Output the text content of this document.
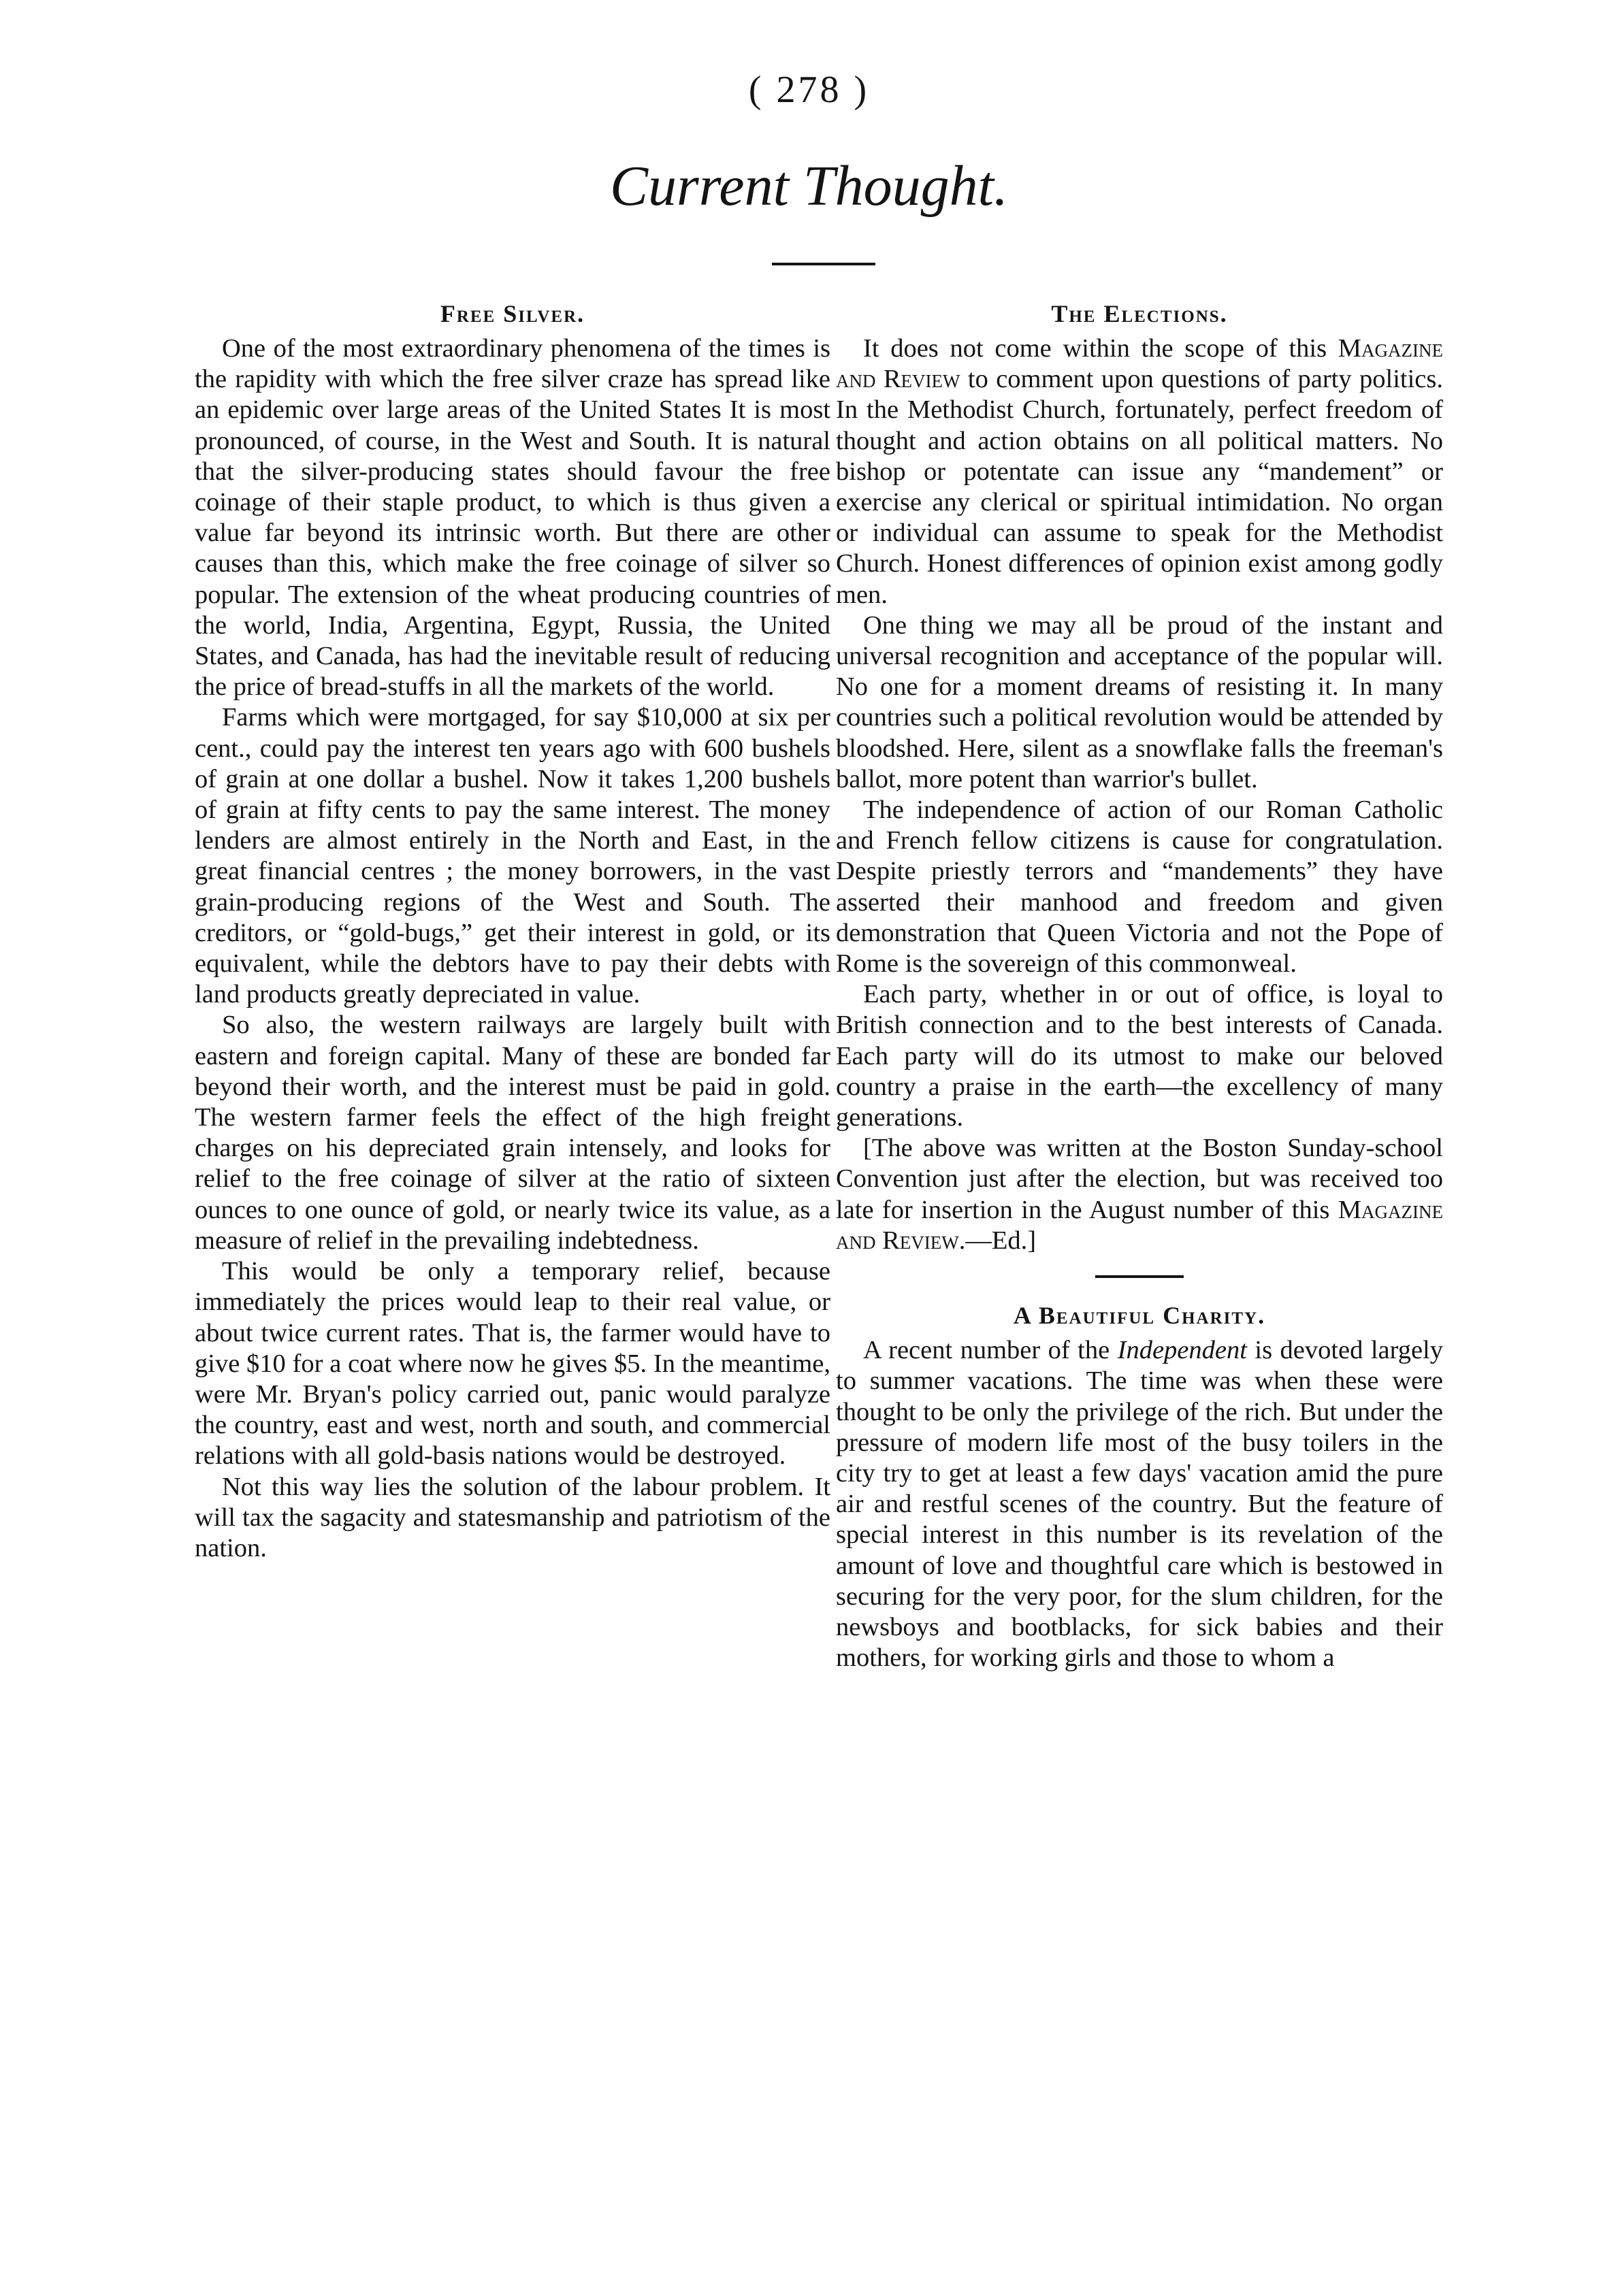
( 278 )
Current Thought.
Free Silver.

One of the most extraordinary phenomena of the times is the rapidity with which the free silver craze has spread like an epidemic over large areas of the United States It is most pronounced, of course, in the West and South. It is natural that the silver-producing states should favour the free coinage of their staple product, to which is thus given a value far beyond its intrinsic worth. But there are other causes than this, which make the free coinage of silver so popular. The extension of the wheat producing countries of the world, India, Argentina, Egypt, Russia, the United States, and Canada, has had the inevitable result of reducing the price of bread-stuffs in all the markets of the world.

Farms which were mortgaged, for say $10,000 at six per cent., could pay the interest ten years ago with 600 bushels of grain at one dollar a bushel. Now it takes 1,200 bushels of grain at fifty cents to pay the same interest. The money lenders are almost entirely in the North and East, in the great financial centres ; the money borrowers, in the vast grain-producing regions of the West and South. The creditors, or “gold-bugs,” get their interest in gold, or its equivalent, while the debtors have to pay their debts with land products greatly depreciated in value.

So also, the western railways are largely built with eastern and foreign capital. Many of these are bonded far beyond their worth, and the interest must be paid in gold. The western farmer feels the effect of the high freight charges on his depreciated grain intensely, and looks for relief to the free coinage of silver at the ratio of sixteen ounces to one ounce of gold, or nearly twice its value, as a measure of relief in the prevailing indebtedness.

This would be only a temporary relief, because immediately the prices would leap to their real value, or about twice current rates. That is, the farmer would have to give $10 for a coat where now he gives $5. In the meantime, were Mr. Bryan's policy carried out, panic would paralyze the country, east and west, north and south, and commercial relations with all gold-basis nations would be destroyed.

Not this way lies the solution of the labour problem. It will tax the sagacity and statesmanship and patriotism of the nation.

The Elections.

It does not come within the scope of this Magazine and Review to comment upon questions of party politics. In the Methodist Church, fortunately, perfect freedom of thought and action obtains on all political matters. No bishop or potentate can issue any “mandement” or exercise any clerical or spiritual intimidation. No organ or individual can assume to speak for the Methodist Church. Honest differences of opinion exist among godly men.

One thing we may all be proud of the instant and universal recognition and acceptance of the popular will. No one for a moment dreams of resisting it. In many countries such a political revolution would be attended by bloodshed. Here, silent as a snowflake falls the freeman's ballot, more potent than warrior's bullet.

The independence of action of our Roman Catholic and French fellow citizens is cause for congratulation. Despite priestly terrors and “mandements” they have asserted their manhood and freedom and given demonstration that Queen Victoria and not the Pope of Rome is the sovereign of this commonweal.

Each party, whether in or out of office, is loyal to British connection and to the best interests of Canada. Each party will do its utmost to make our beloved country a praise in the earth—the excellency of many generations.

[The above was written at the Boston Sunday-school Convention just after the election, but was received too late for insertion in the August number of this Magazine and Review.—Ed.]

A Beautiful Charity.

A recent number of the Independent is devoted largely to summer vacations. The time was when these were thought to be only the privilege of the rich. But under the pressure of modern life most of the busy toilers in the city try to get at least a few days' vacation amid the pure air and restful scenes of the country. But the feature of special interest in this number is its revelation of the amount of love and thoughtful care which is bestowed in securing for the very poor, for the slum children, for the newsboys and bootblacks, for sick babies and their mothers, for working girls and those to whom a
